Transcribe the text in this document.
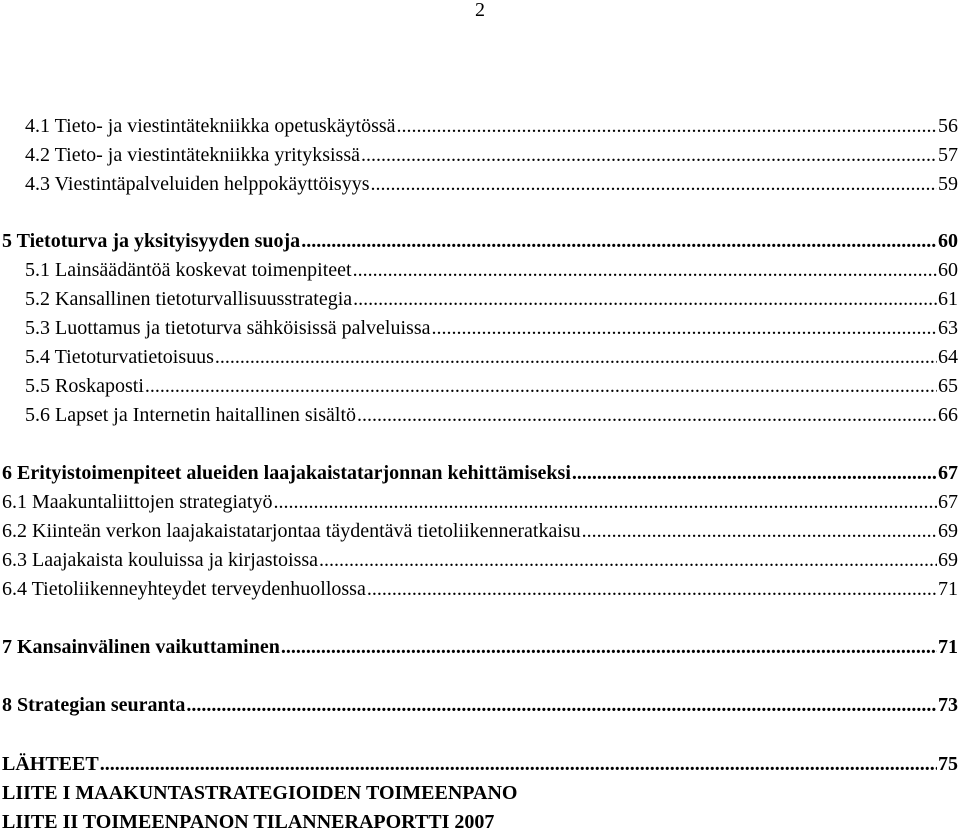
2
4.1 Tieto- ja viestintätekniikka opetuskäytössä .....	56
4.2 Tieto- ja viestintätekniikka yrityksissä .....	57
4.3 Viestintäpalveluiden helppokäyttöisyys .....	59
5 Tietoturva ja yksityisyyden suoja .....	60
5.1 Lainsäädäntöä koskevat toimenpiteet .....	60
5.2 Kansallinen tietoturvallisuusstrategia .....	61
5.3 Luottamus ja tietoturva sähköisissä palveluissa .....	63
5.4 Tietoturvatietoisuus .....	64
5.5 Roskaposti .....	65
5.6 Lapset ja Internetin haitallinen sisältö .....	66
6 Erityistoimenpiteet alueiden laajakaistatarjonnan kehittämiseksi .....	67
6.1 Maakuntaliittojen strategiatyö .....	67
6.2 Kiinteän verkon laajakaistatarjontaa täydentävä tietoliikenneratkaisu .....	69
6.3 Laajakaista kouluissa ja kirjastoissa .....	69
6.4 Tietoliikenneyhteydet terveydenhuollossa .....	71
7 Kansainvälinen vaikuttaminen .....	71
8 Strategian seuranta .....	73
LÄHTEET .....	75
LIITE I MAAKUNTASTRATEGIOIDEN TOIMEENPANO
LIITE II TOIMEENPANON TILANNERAPORTTI 2007
